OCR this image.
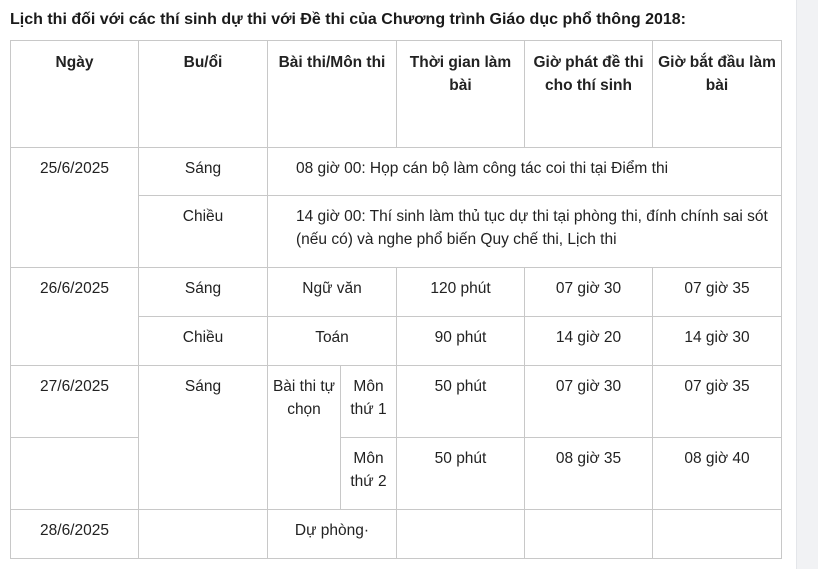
Lịch thi đối với các thí sinh dự thi với Đề thi của Chương trình Giáo dục phổ thông 2018:
Ngày	Bu/ổi	Bài thi/Môn thi		Thời gian làm bài	Giờ phát đề thi cho thí sinh	Giờ bắt đầu làm bài
25/6/2025	Sáng	08 giờ 00: Họp cán bộ làm công tác coi thi tại Điểm thi				
	Chiều	14 giờ 00: Thí sinh làm thủ tục dự thi tại phòng thi, đính chính sai sót (nếu có) và nghe phổ biến Quy chế thi, Lịch thi				
26/6/2025	Sáng	Ngữ văn		120 phút	07 giờ 30	07 giờ 35
	Chiều	Toán		90 phút	14 giờ 20	14 giờ 30
27/6/2025	Sáng	Bài thi tự chọn	Môn thứ 1	50 phút	07 giờ 30	07 giờ 35
			Môn thứ 2	50 phút	08 giờ 35	08 giờ 40
28/6/2025		Dự phòng·				
